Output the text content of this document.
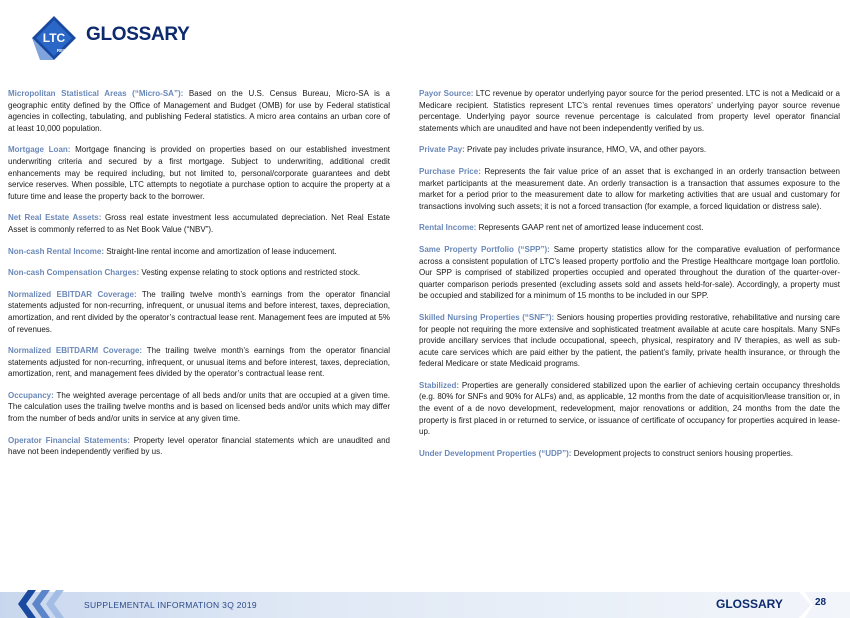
LTC
REIT
GLOSSARY

Micropolitan Statistical Areas (“Micro-SA”): Based on the U.S. Census Bureau, Micro-SA is a geographic entity defined by the Office of Management and Budget (OMB) for use by Federal statistical agencies in collecting, tabulating, and publishing Federal statistics. A micro area contains an urban core of at least 10,000 population.

Mortgage Loan: Mortgage financing is provided on properties based on our established investment underwriting criteria and secured by a first mortgage. Subject to underwriting, additional credit enhancements may be required including, but not limited to, personal/corporate guarantees and debt service reserves. When possible, LTC attempts to negotiate a purchase option to acquire the property at a future time and lease the property back to the borrower.

Net Real Estate Assets: Gross real estate investment less accumulated depreciation. Net Real Estate Asset is commonly referred to as Net Book Value (“NBV”).

Non-cash Rental Income: Straight-line rental income and amortization of lease inducement.

Non-cash Compensation Charges: Vesting expense relating to stock options and restricted stock.

Normalized EBITDAR Coverage: The trailing twelve month’s earnings from the operator financial statements adjusted for non-recurring, infrequent, or unusual items and before interest, taxes, depreciation, amortization, and rent divided by the operator’s contractual lease rent. Management fees are imputed at 5% of revenues.

Normalized EBITDARM Coverage: The trailing twelve month’s earnings from the operator financial statements adjusted for non-recurring, infrequent, or unusual items and before interest, taxes, depreciation, amortization, rent, and management fees divided by the operator’s contractual lease rent.

Occupancy: The weighted average percentage of all beds and/or units that are occupied at a given time. The calculation uses the trailing twelve months and is based on licensed beds and/or units which may differ from the number of beds and/or units in service at any given time.

Operator Financial Statements: Property level operator financial statements which are unaudited and have not been independently verified by us.

Payor Source: LTC revenue by operator underlying payor source for the period presented. LTC is not a Medicaid or a Medicare recipient. Statistics represent LTC’s rental revenues times operators’ underlying payor source revenue percentage. Underlying payor source revenue percentage is calculated from property level operator financial statements which are unaudited and have not been independently verified by us.

Private Pay: Private pay includes private insurance, HMO, VA, and other payors.

Purchase Price: Represents the fair value price of an asset that is exchanged in an orderly transaction between market participants at the measurement date. An orderly transaction is a transaction that assumes exposure to the market for a period prior to the measurement date to allow for marketing activities that are usual and customary for transactions involving such assets; it is not a forced transaction (for example, a forced liquidation or distress sale).

Rental Income: Represents GAAP rent net of amortized lease inducement cost.

Same Property Portfolio (“SPP”): Same property statistics allow for the comparative evaluation of performance across a consistent population of LTC’s leased property portfolio and the Prestige Healthcare mortgage loan portfolio. Our SPP is comprised of stabilized properties occupied and operated throughout the duration of the quarter-over-quarter comparison periods presented (excluding assets sold and assets held-for-sale). Accordingly, a property must be occupied and stabilized for a minimum of 15 months to be included in our SPP.

Skilled Nursing Properties (“SNF”): Seniors housing properties providing restorative, rehabilitative and nursing care for people not requiring the more extensive and sophisticated treatment available at acute care hospitals. Many SNFs provide ancillary services that include occupational, speech, physical, respiratory and IV therapies, as well as sub-acute care services which are paid either by the patient, the patient’s family, private health insurance, or through the federal Medicare or state Medicaid programs.

Stabilized: Properties are generally considered stabilized upon the earlier of achieving certain occupancy thresholds (e.g. 80% for SNFs and 90% for ALFs) and, as applicable, 12 months from the date of acquisition/lease transition or, in the event of a de novo development, redevelopment, major renovations or addition, 24 months from the date the property is first placed in or returned to service, or issuance of certificate of occupancy for properties acquired in lease-up.

Under Development Properties (“UDP”): Development projects to construct seniors housing properties.

SUPPLEMENTAL INFORMATION 3Q 2019	GLOSSARY	28
